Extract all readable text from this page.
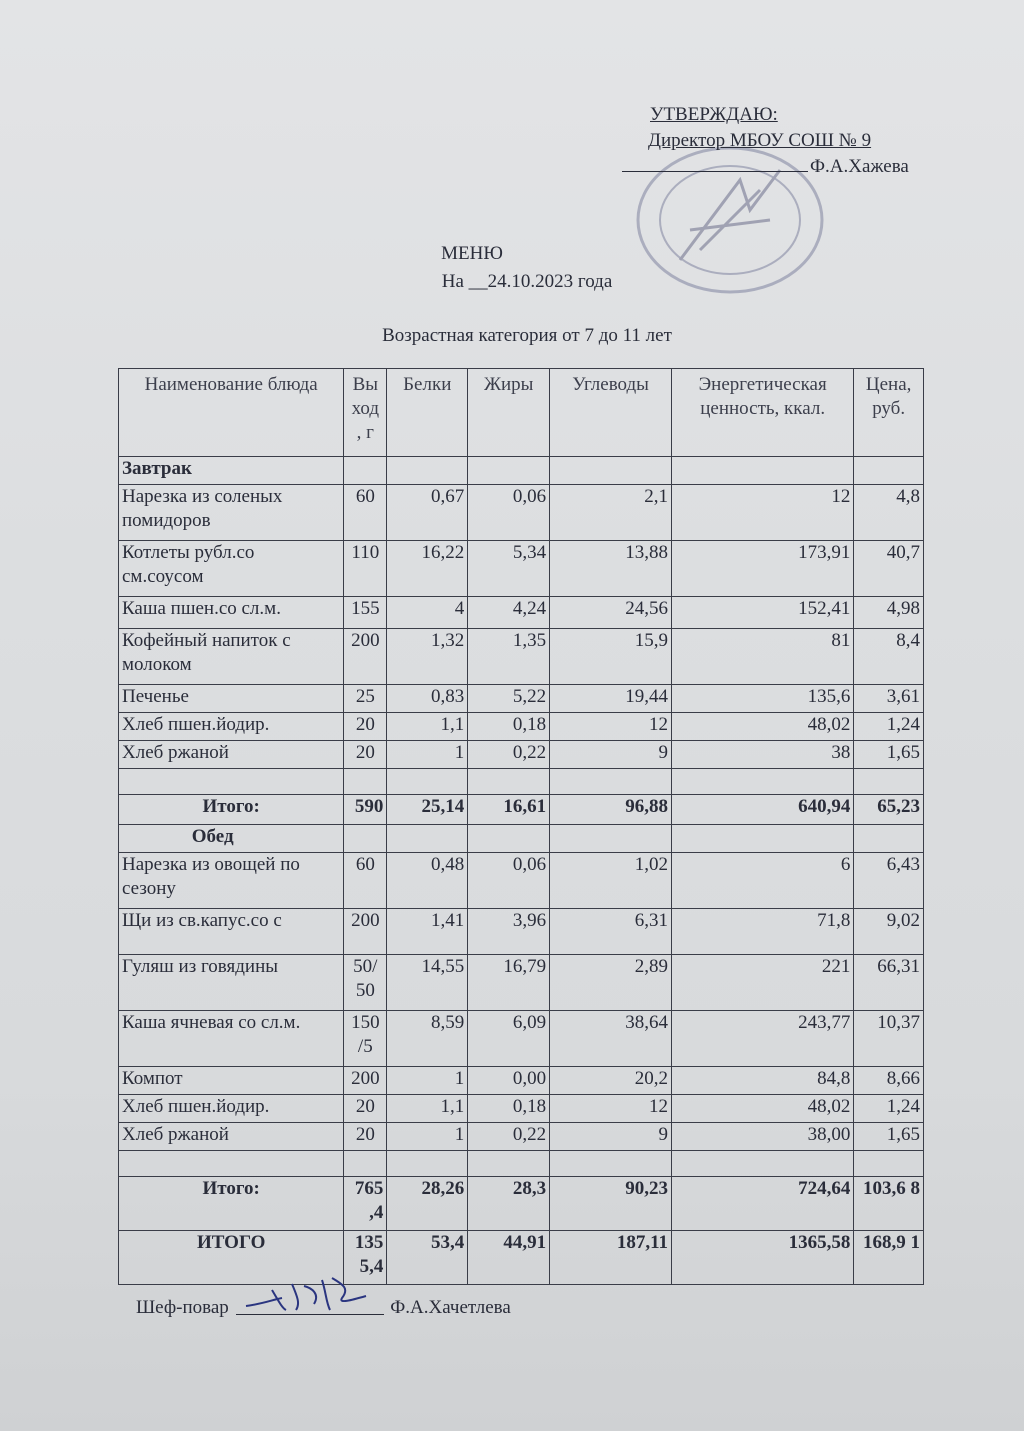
УТВЕРЖДАЮ:
Директор МБОУ СОШ № 9
Ф.А.Хажева
МЕНЮ
На __24.10.2023 года
Возрастная категория от 7 до 11 лет
Наименование блюда	Вы ход , г	Белки	Жиры	Углеводы	Энергетическая ценность, ккал.	Цена, руб.
Завтрак						
Нарезка из соленых помидоров	60	0,67	0,06	2,1	12	4,8
Котлеты рубл.со см.соусом	110	16,22	5,34	13,88	173,91	40,7
Каша пшен.со сл.м.	155	4	4,24	24,56	152,41	4,98
Кофейный напиток с молоком	200	1,32	1,35	15,9	81	8,4
Печенье	25	0,83	5,22	19,44	135,6	3,61
Хлеб пшен.йодир.	20	1,1	0,18	12	48,02	1,24
Хлеб ржаной	20	1	0,22	9	38	1,65

Итого:	590	25,14	16,61	96,88	640,94	65,23
Обед						
Нарезка из овощей по сезону	60	0,48	0,06	1,02	6	6,43
Щи из св.капус.со с	200	1,41	3,96	6,31	71,8	9,02
Гуляш из говядины	50/ 50	14,55	16,79	2,89	221	66,31
Каша ячневая со сл.м.	150 /5	8,59	6,09	38,64	243,77	10,37
Компот	200	1	0,00	20,2	84,8	8,66
Хлеб пшен.йодир.	20	1,1	0,18	12	48,02	1,24
Хлеб ржаной	20	1	0,22	9	38,00	1,65

Итого:	765 ,4	28,26	28,3	90,23	724,64	103,6 8
ИТОГО	135 5,4	53,4	44,91	187,11	1365,58	168,9 1
Шеф-повар	Ф.А.Хачетлева
